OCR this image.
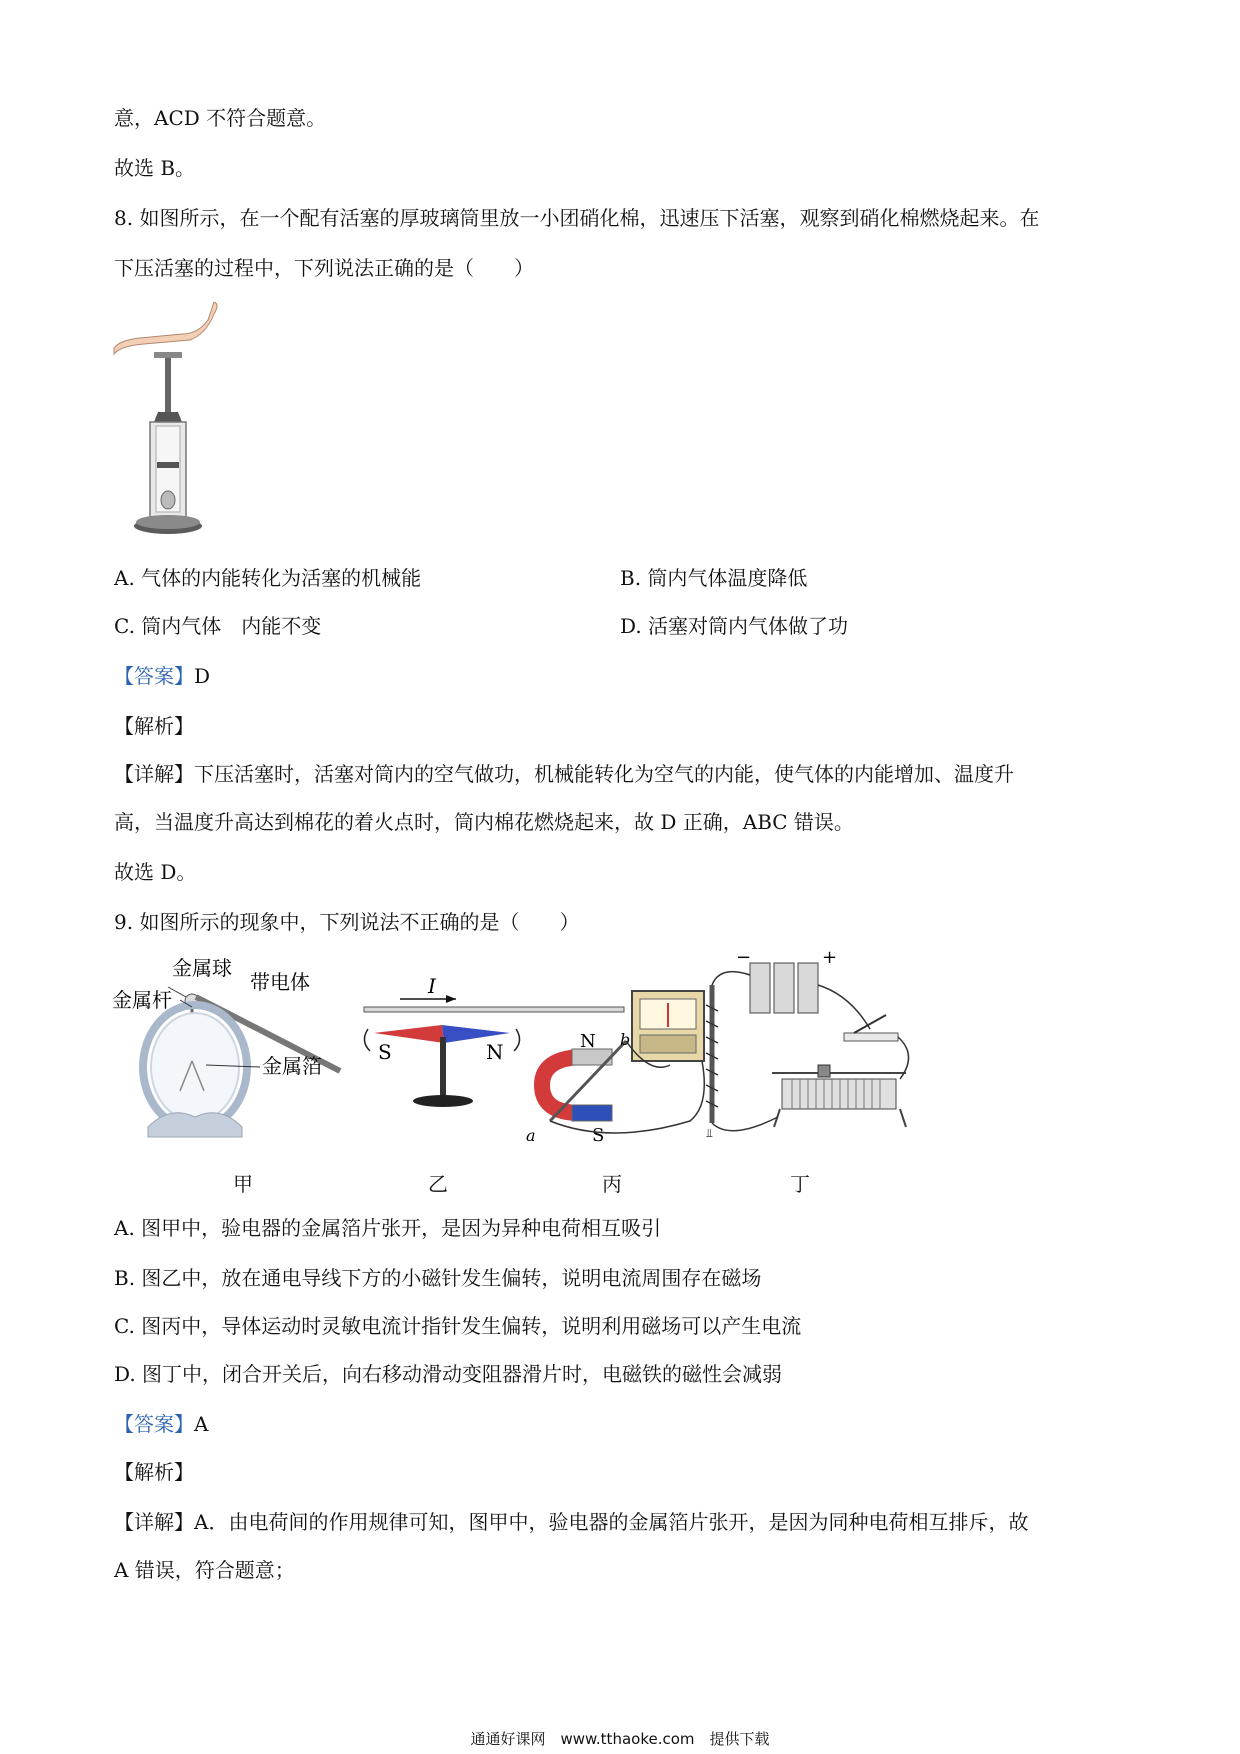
意，ACD 不符合题意。
故选 B。
8. 如图所示，在一个配有活塞的厚玻璃筒里放一小团硝化棉，迅速压下活塞，观察到硝化棉燃烧起来。在
下压活塞的过程中，下列说法正确的是（　　）
A. 气体的内能转化为活塞的机械能	B. 筒内气体温度降低
C. 筒内气体　内能不变	D. 活塞对筒内气体做了功
【答案】D
【解析】
【详解】下压活塞时，活塞对筒内的空气做功，机械能转化为空气的内能，使气体的内能增加、温度升
高，当温度升高达到棉花的着火点时，筒内棉花燃烧起来，故 D 正确，ABC 错误。
故选 D。
9. 如图所示的现象中，下列说法不正确的是（　　）
金属球
带电体
金属杆
金属箔
I
S	N	N
S
b
a	⫫
−	+
甲	乙	丙	丁
A. 图甲中，验电器的金属箔片张开，是因为异种电荷相互吸引
B. 图乙中，放在通电导线下方的小磁针发生偏转，说明电流周围存在磁场
C. 图丙中，导体运动时灵敏电流计指针发生偏转，说明利用磁场可以产生电流
D. 图丁中，闭合开关后，向右移动滑动变阻器滑片时，电磁铁的磁性会减弱
【答案】A
【解析】
【详解】A．由电荷间的作用规律可知，图甲中，验电器的金属箔片张开，是因为同种电荷相互排斥，故
A 错误，符合题意；
通通好课网　www.tthaoke.com　提供下载
